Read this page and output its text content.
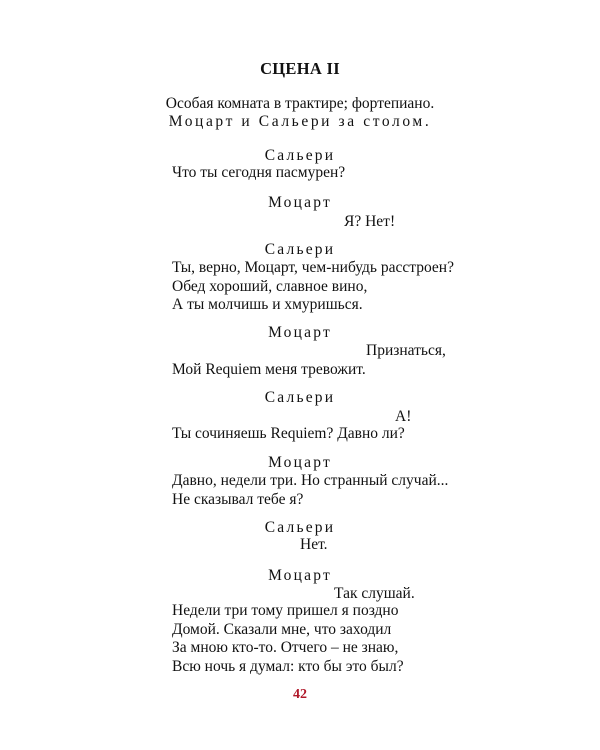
СЦЕНА II
Особая комната в трактире; фортепиано.
Моцарт и Сальери за столом.
Сальери
Что ты сегодня пасмурен?
Моцарт
Я? Нет!
Сальери
Ты, верно, Моцарт, чем-нибудь расстроен?
Обед хороший, славное вино,
А ты молчишь и хмуришься.
Моцарт
Признаться,
Мой Requiem меня тревожит.
Сальери
А!
Ты сочиняешь Requiem? Давно ли?
Моцарт
Давно, недели три. Но странный случай...
Не сказывал тебе я?
Сальери
Нет.
Моцарт
Так слушай.
Недели три тому пришел я поздно
Домой. Сказали мне, что заходил
За мною кто-то. Отчего – не знаю,
Всю ночь я думал: кто бы это был?
42
